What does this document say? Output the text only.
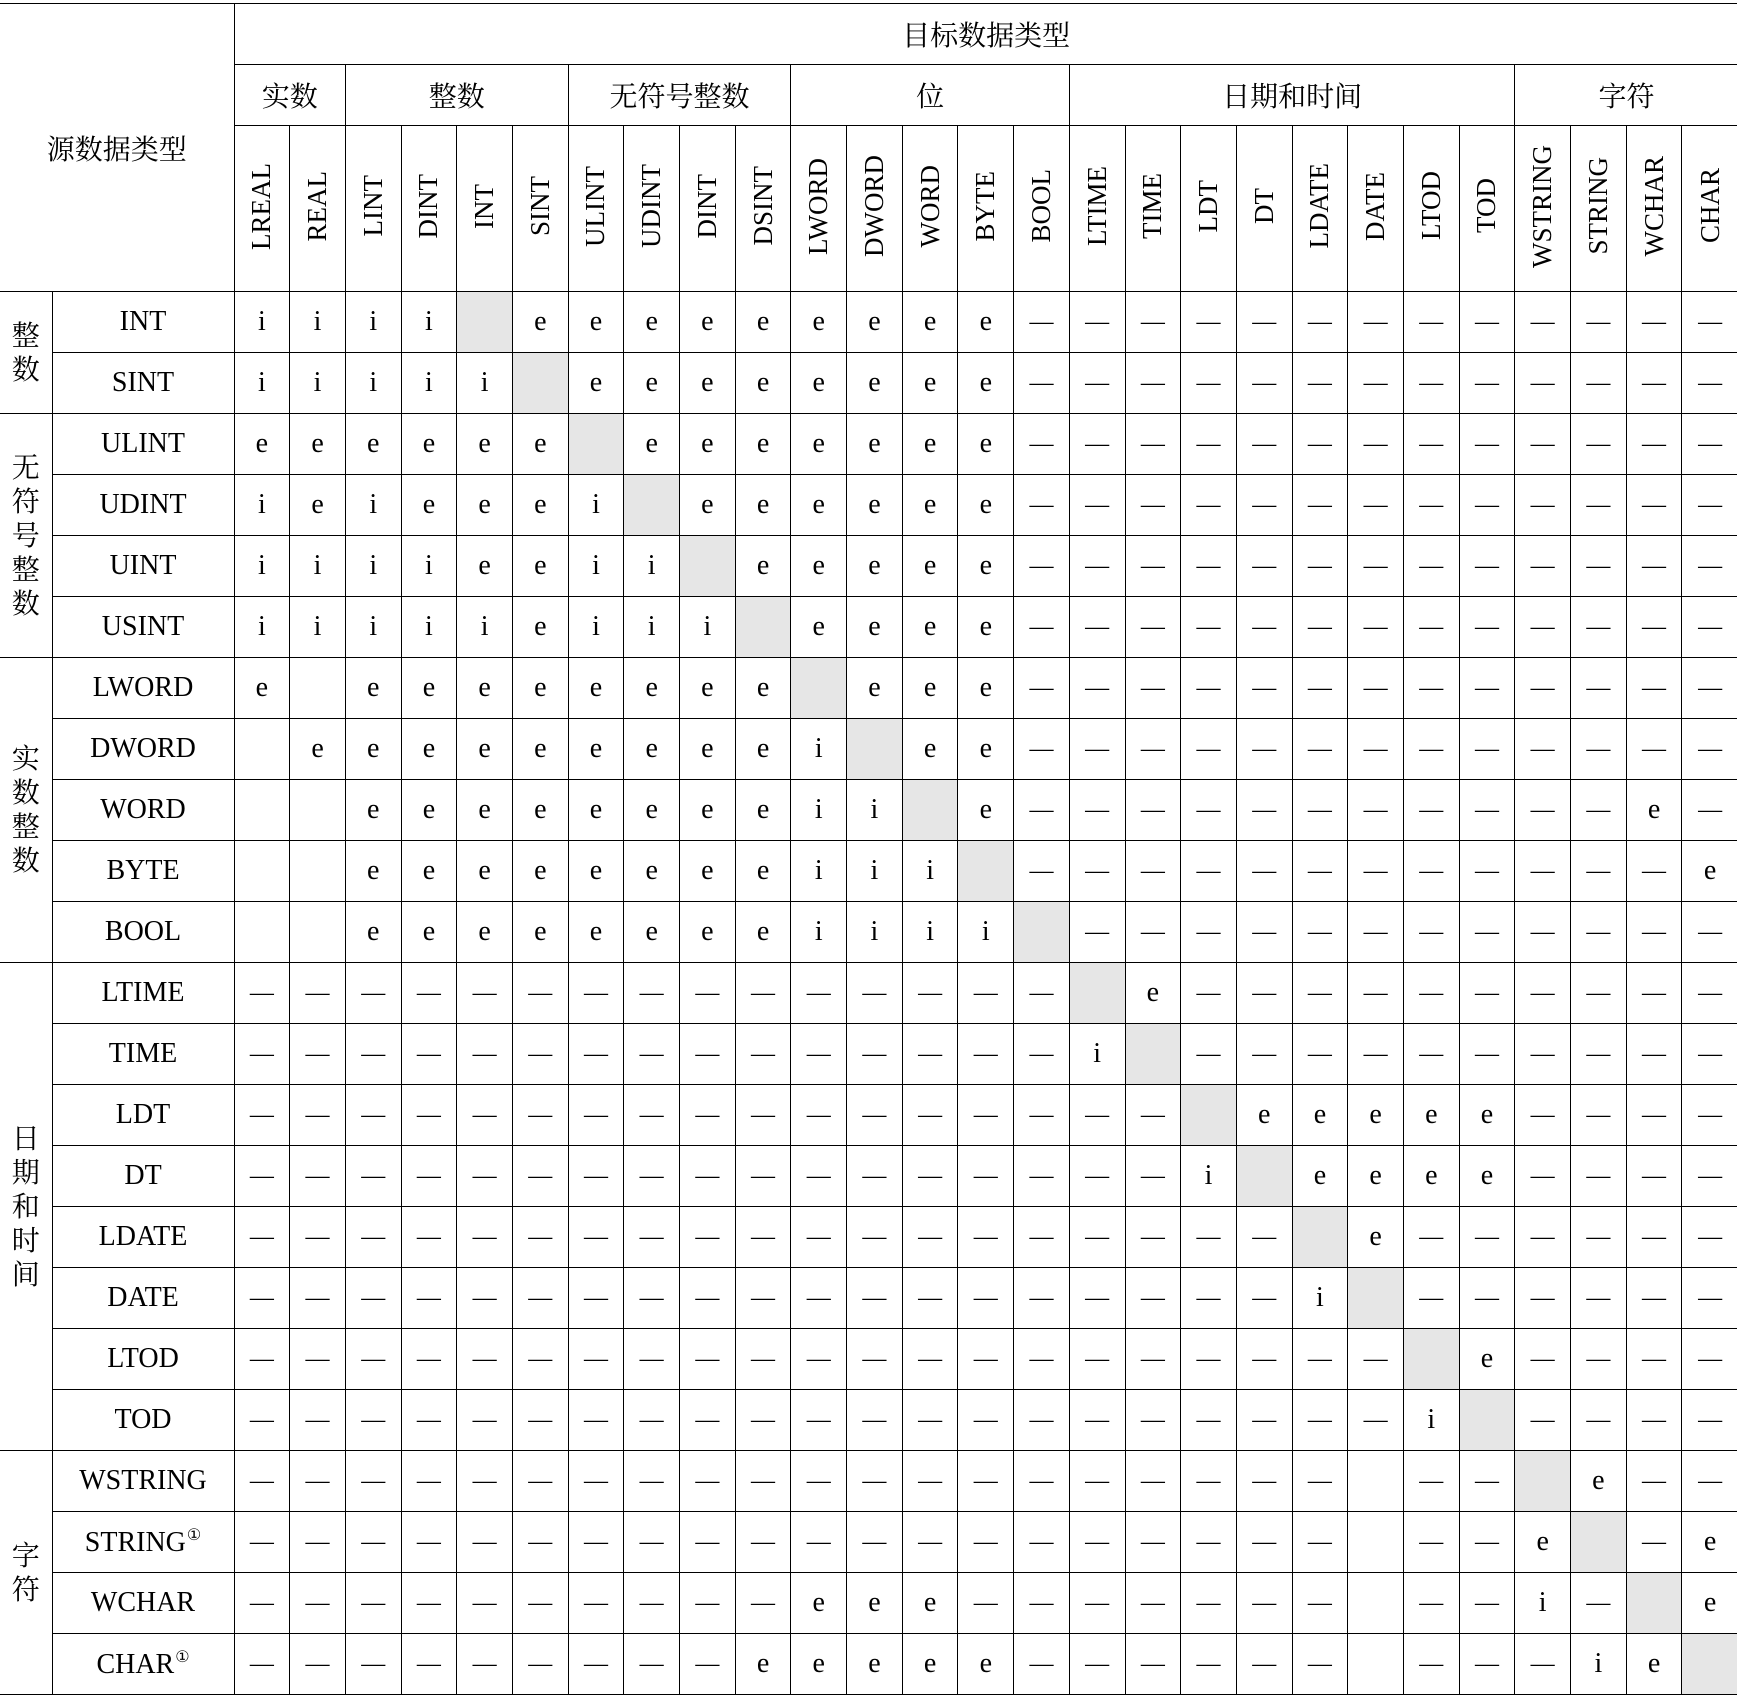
源数据类型		目标数据类型																										
		实数		整数				无符号整数				位					日期和时间								字符			
		LREAL	REAL	LINT	DINT	INT	SINT	ULINT	UDINT	DINT	DSINT	LWORD	DWORD	WORD	BYTE	BOOL	LTIME	TIME	LDT	DT	LDATE	DATE	LTOD	TOD	WSTRING	STRING	WCHAR	CHAR

整
数	INT	i	i	i	i		e	e	e	e	e	e	e	e	e	—	—	—	—	—	—	—	—	—	—	—	—	—
	SINT	i	i	i	i	i		e	e	e	e	e	e	e	e	—	—	—	—	—	—	—	—	—	—	—	—	—

无
符
号
整
数	ULINT	e	e	e	e	e	e		e	e	e	e	e	e	e	—	—	—	—	—	—	—	—	—	—	—	—	—
	UDINT	i	e	i	e	e	e	i		e	e	e	e	e	e	—	—	—	—	—	—	—	—	—	—	—	—	—
	UINT	i	i	i	i	e	e	i	i		e	e	e	e	e	—	—	—	—	—	—	—	—	—	—	—	—	—
	USINT	i	i	i	i	i	e	i	i	i		e	e	e	e	—	—	—	—	—	—	—	—	—	—	—	—	—

实
数
整
数	LWORD	e		e	e	e	e	e	e	e	e		e	e	e	—	—	—	—	—	—	—	—	—	—	—	—	—
	DWORD		e	e	e	e	e	e	e	e	e	i		e	e	—	—	—	—	—	—	—	—	—	—	—	—	—
	WORD			e	e	e	e	e	e	e	e	i	i		e	—	—	—	—	—	—	—	—	—	—	—	e	—
	BYTE			e	e	e	e	e	e	e	e	i	i	i		—	—	—	—	—	—	—	—	—	—	—	—	e
	BOOL			e	e	e	e	e	e	e	e	i	i	i	i		—	—	—	—	—	—	—	—	—	—	—	—

日
期
和
时
间	LTIME	—	—	—	—	—	—	—	—	—	—	—	—	—	—	—		e	—	—	—	—	—	—	—	—	—	—
	TIME	—	—	—	—	—	—	—	—	—	—	—	—	—	—	—	i		—	—	—	—	—	—	—	—	—	—
	LDT	—	—	—	—	—	—	—	—	—	—	—	—	—	—	—	—	—		e	e	e	e	e	—	—	—	—
	DT	—	—	—	—	—	—	—	—	—	—	—	—	—	—	—	—	—	i		e	e	e	e	—	—	—	—
	LDATE	—	—	—	—	—	—	—	—	—	—	—	—	—	—	—	—	—	—	—		e	—	—	—	—	—	—
	DATE	—	—	—	—	—	—	—	—	—	—	—	—	—	—	—	—	—	—	—	i		—	—	—	—	—	—
	LTOD	—	—	—	—	—	—	—	—	—	—	—	—	—	—	—	—	—	—	—	—	—		e	—	—	—	—
	TOD	—	—	—	—	—	—	—	—	—	—	—	—	—	—	—	—	—	—	—	—	—	i		—	—	—	—

字
符	WSTRING	—	—	—	—	—	—	—	—	—	—	—	—	—	—	—	—	—	—	—	—		—	—		e	—	—
	STRING①	—	—	—	—	—	—	—	—	—	—	—	—	—	—	—	—	—	—	—	—		—	—	e		—	e
	WCHAR	—	—	—	—	—	—	—	—	—	—	e	e	e	—	—	—	—	—	—	—		—	—	i	—		e
	CHAR①	—	—	—	—	—	—	—	—	—	e	e	e	e	e	—	—	—	—	—	—		—	—	—	i	e	
